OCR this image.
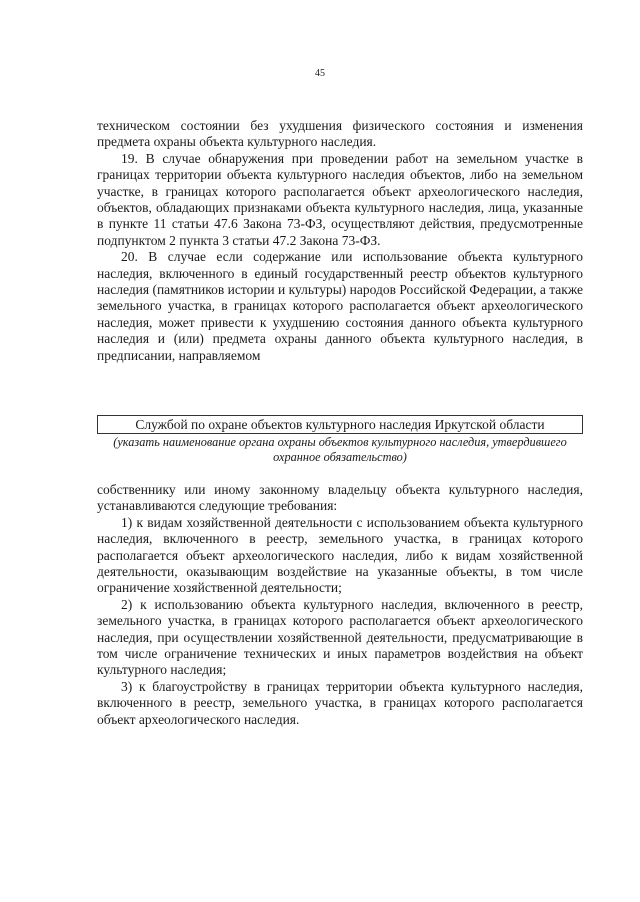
45

техническом состоянии без ухудшения физического состояния и изменения предмета охраны объекта культурного наследия.

19. В случае обнаружения при проведении работ на земельном участке в границах территории объекта культурного наследия объектов, либо на земельном участке, в границах которого располагается объект археологического наследия, объектов, обладающих признаками объекта культурного наследия, лица, указанные в пункте 11 статьи 47.6 Закона 73-ФЗ, осуществляют действия, предусмотренные подпунктом 2 пункта 3 статьи 47.2 Закона 73-ФЗ.

20. В случае если содержание или использование объекта культурного наследия, включенного в единый государственный реестр объектов культурного наследия (памятников истории и культуры) народов Российской Федерации, а также земельного участка, в границах которого располагается объект археологического наследия, может привести к ухудшению состояния данного объекта культурного наследия и (или) предмета охраны данного объекта культурного наследия, в предписании, направляемом

Службой по охране объектов культурного наследия Иркутской области
(указать наименование органа охраны объектов культурного наследия, утвердившего охранное обязательство)

собственнику или иному законному владельцу объекта культурного наследия, устанавливаются следующие требования:

1) к видам хозяйственной деятельности с использованием объекта культурного наследия, включенного в реестр, земельного участка, в границах которого располагается объект археологического наследия, либо к видам хозяйственной деятельности, оказывающим воздействие на указанные объекты, в том числе ограничение хозяйственной деятельности;

2) к использованию объекта культурного наследия, включенного в реестр, земельного участка, в границах которого располагается объект археологического наследия, при осуществлении хозяйственной деятельности, предусматривающие в том числе ограничение технических и иных параметров воздействия на объект культурного наследия;

3) к благоустройству в границах территории объекта культурного наследия, включенного в реестр, земельного участка, в границах которого располагается объект археологического наследия.
